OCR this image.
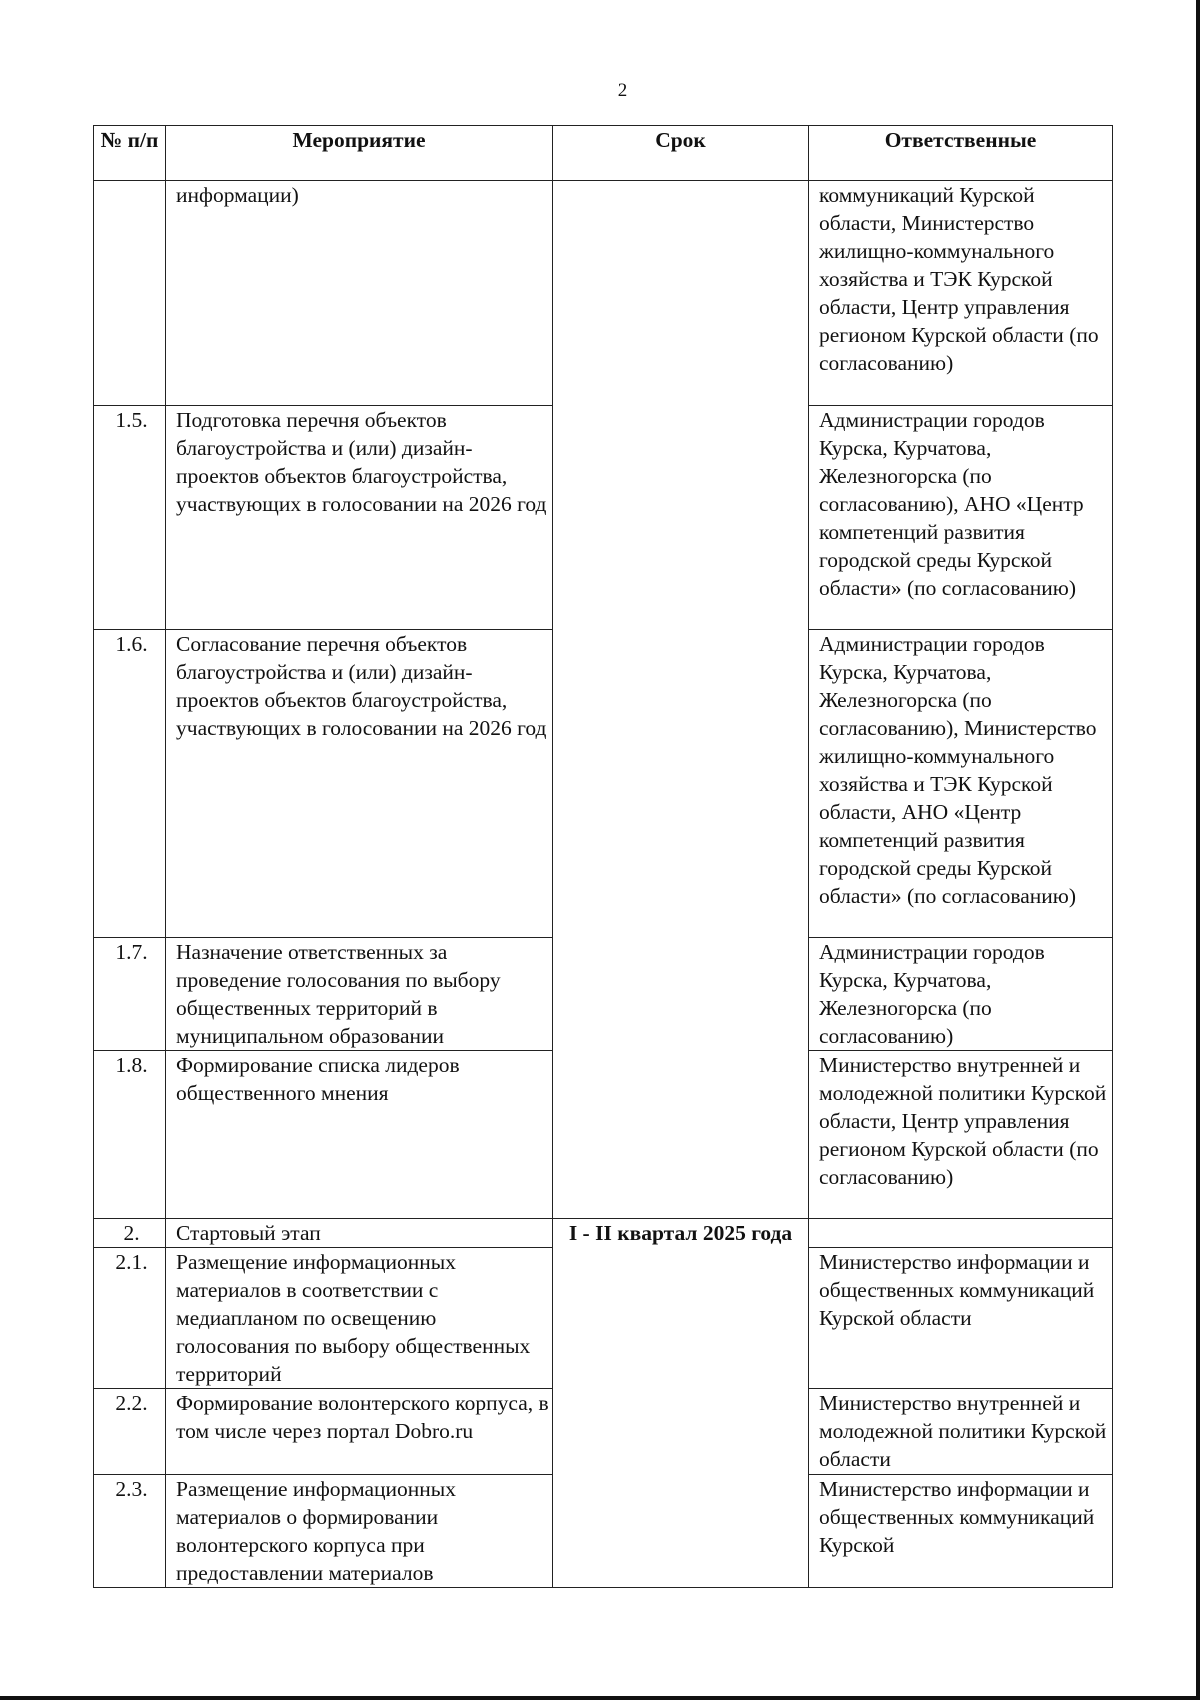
2
№ п/п	Мероприятие	Срок	Ответственные
	информации)		коммуникаций Курской области, Министерство жилищно-коммунального хозяйства и ТЭК Курской области, Центр управления регионом Курской области (по согласованию)
1.5.	Подготовка перечня объектов благоустройства и (или) дизайн-проектов объектов благоустройства, участвующих в голосовании на 2026 год		Администрации городов Курска, Курчатова, Железногорска (по согласованию), АНО «Центр компетенций развития городской среды Курской области» (по согласованию)
1.6.	Согласование перечня объектов благоустройства и (или) дизайн-проектов объектов благоустройства, участвующих в голосовании на 2026 год		Администрации городов Курска, Курчатова, Железногорска (по согласованию), Министерство жилищно-коммунального хозяйства и ТЭК Курской области, АНО «Центр компетенций развития городской среды Курской области» (по согласованию)
1.7.	Назначение ответственных за проведение голосования по выбору общественных территорий в муниципальном образовании		Администрации городов Курска, Курчатова, Железногорска (по согласованию)
1.8.	Формирование списка лидеров общественного мнения		Министерство внутренней и молодежной политики Курской области, Центр управления регионом Курской области (по согласованию)
2.	Стартовый этап	I - II квартал 2025 года	
2.1.	Размещение информационных материалов в соответствии с медиапланом по освещению голосования по выбору общественных территорий		Министерство информации и общественных коммуникаций Курской области
2.2.	Формирование волонтерского корпуса, в том числе через портал Dobro.ru		Министерство внутренней и молодежной политики Курской области
2.3.	Размещение информационных материалов о формировании волонтерского корпуса при предоставлении материалов		Министерство информации и общественных коммуникаций Курской
